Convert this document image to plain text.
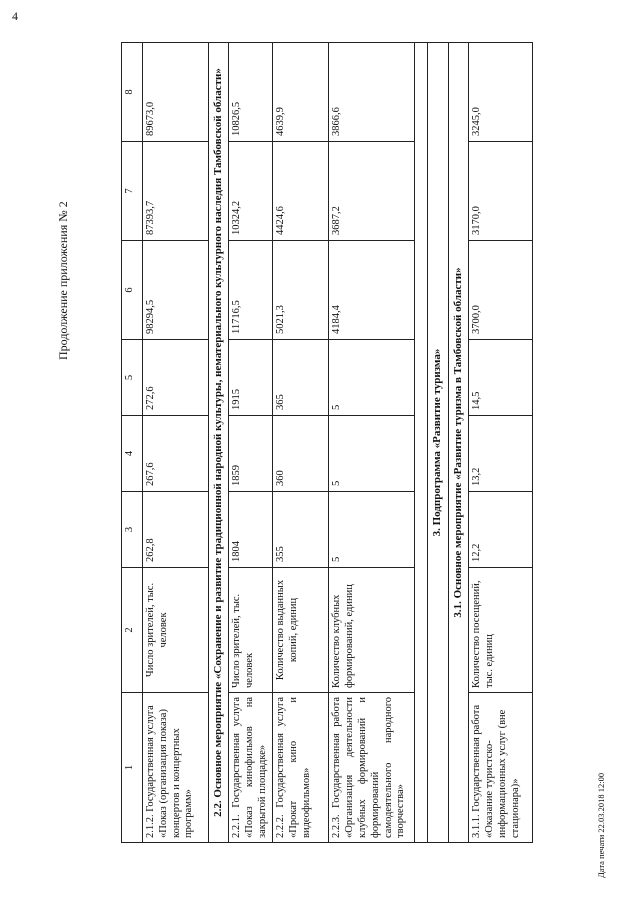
4
Продолжение приложения № 2
1	2	3	4	5	6	7	8
2.1.2. Государственная услуга «Показ (организация показа) концертов и концертных программ»	Число зрителей, тыс. человек	262,8	267,6	272,6	98294,5	87393,7	89673,0
2.2. Основное мероприятие «Сохранение и развитие традиционной народной культуры, нематериального культурного наследия Тамбовской области»							
2.2.1. Государственная услуга «Показ кинофильмов на закрытой площадке»	Число зрителей, тыс. человек	1804	1859	1915	11716,5	10324,2	10826,5
2.2.2. Государственная услуга «Прокат кино и видеофильмов»	Количество выданных копий, единиц	355	360	365	5021,3	4424,6	4639,9
2.2.3. Государственная работа «Организация деятельности клубных формирований и формирований самодеятельного народного творчества»	Количество клубных формирований, единиц	5	5	5	4184,4	3687,2	3866,6

3. Подпрограмма «Развитие туризма»							
3.1. Основное мероприятие «Развитие туризма в Тамбовской области»							
3.1.1. Государственная работа «Оказание туристско-информационных услуг (вне стационара)»	Количество посещений, тыс. единиц	12,2	13,2	14,5	3700,0	3170,0	3245,0
Дата печати 22.03.2018 12:00
